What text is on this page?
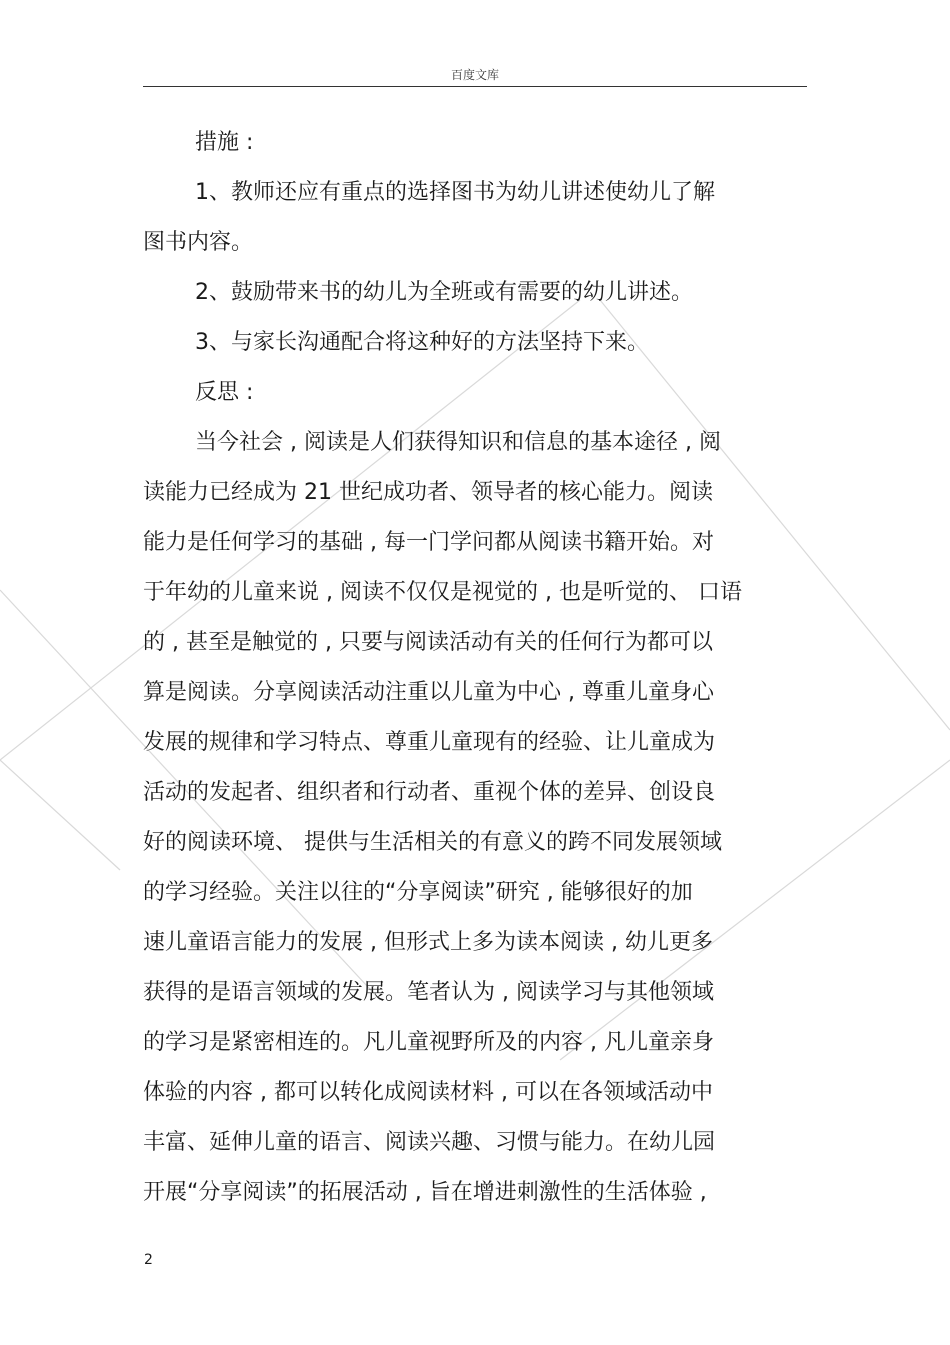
百度文库
措施 :
1、教师还应有重点的选择图书为幼儿讲述使幼儿了解
图书内容。
2、鼓励带来书的幼儿为全班或有需要的幼儿讲述。
3、与家长沟通配合将这种好的方法坚持下来。
反思 :
当今社会 , 阅读是人们获得知识和信息的基本途径 , 阅
读能力已经成为 21 世纪成功者、领导者的核心能力。阅读
能力是任何学习的基础 , 每一门学问都从阅读书籍开始。对
于年幼的儿童来说 , 阅读不仅仅是视觉的 , 也是听觉的、 口语
的 , 甚至是触觉的 , 只要与阅读活动有关的任何行为都可以
算是阅读。分享阅读活动注重以儿童为中心 , 尊重儿童身心
发展的规律和学习特点、尊重儿童现有的经验、让儿童成为
活动的发起者、组织者和行动者、重视个体的差异、创设良
好的阅读环境、 提供与生活相关的有意义的跨不同发展领域
的学习经验。关注以往的“分享阅读”研究 , 能够很好的加
速儿童语言能力的发展 , 但形式上多为读本阅读 , 幼儿更多
获得的是语言领域的发展。笔者认为 , 阅读学习与其他领域
的学习是紧密相连的。凡儿童视野所及的内容 , 凡儿童亲身
体验的内容 , 都可以转化成阅读材料 , 可以在各领域活动中
丰富、延伸儿童的语言、阅读兴趣、习惯与能力。在幼儿园
开展“分享阅读”的拓展活动 , 旨在增进刺激性的生活体验 ,
2
